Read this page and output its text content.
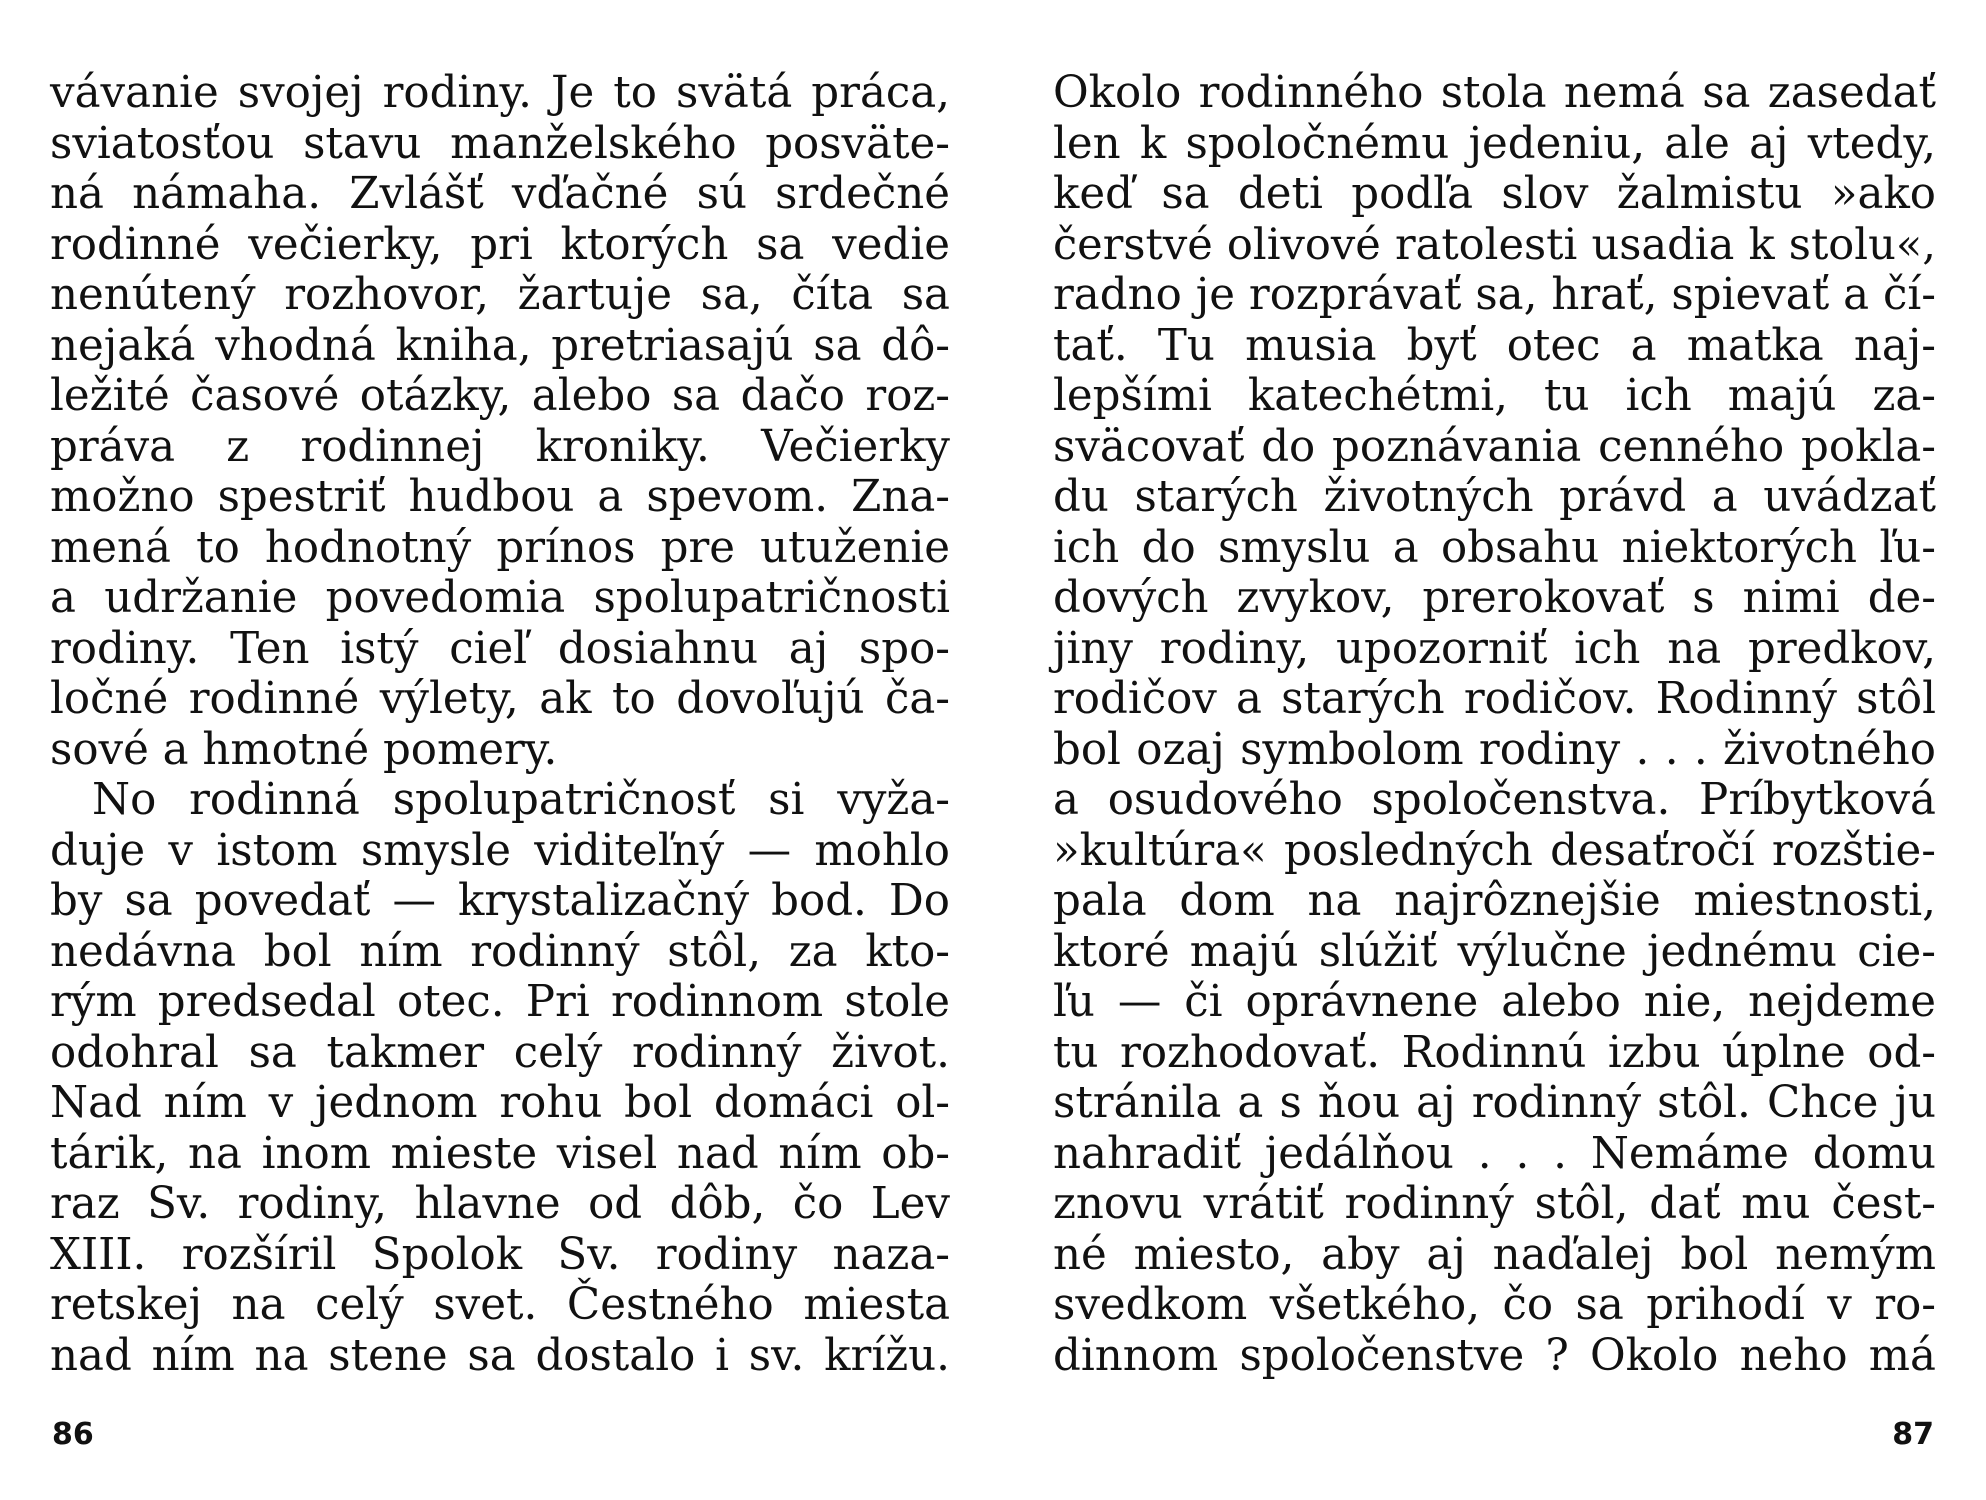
vávanie svojej rodiny. Je to svätá práca,
sviatosťou stavu manželského posväte-
ná námaha. Zvlášť vďačné sú srdečné
rodinné večierky, pri ktorých sa vedie
nenútený rozhovor, žartuje sa, číta sa
nejaká vhodná kniha, pretriasajú sa dô-
ležité časové otázky, alebo sa dačo roz-
práva z rodinnej kroniky. Večierky
možno spestriť hudbou a spevom. Zna-
mená to hodnotný prínos pre utuženie
a udržanie povedomia spolupatričnosti
rodiny. Ten istý cieľ dosiahnu aj spo-
ločné rodinné výlety, ak to dovoľujú ča-
sové a hmotné pomery.
No rodinná spolupatričnosť si vyža-
duje v istom smysle viditeľný — mohlo
by sa povedať — krystalizačný bod. Do
nedávna bol ním rodinný stôl, za kto-
rým predsedal otec. Pri rodinnom stole
odohral sa takmer celý rodinný život.
Nad ním v jednom rohu bol domáci ol-
tárik, na inom mieste visel nad ním ob-
raz Sv. rodiny, hlavne od dôb, čo Lev
XIII. rozšíril Spolok Sv. rodiny naza-
retskej na celý svet. Čestného miesta
nad ním na stene sa dostalo i sv. krížu.
86
Okolo rodinného stola nemá sa zasedať
len k spoločnému jedeniu, ale aj vtedy,
keď sa deti podľa slov žalmistu »ako
čerstvé olivové ratolesti usadia k stolu«,
radno je rozprávať sa, hrať, spievať a čí-
tať. Tu musia byť otec a matka naj-
lepšími katechétmi, tu ich majú za-
sväcovať do poznávania cenného pokla-
du starých životných právd a uvádzať
ich do smyslu a obsahu niektorých ľu-
dových zvykov, prerokovať s nimi de-
jiny rodiny, upozorniť ich na predkov,
rodičov a starých rodičov. Rodinný stôl
bol ozaj symbolom rodiny . . . životného
a osudového spoločenstva. Príbytková
»kultúra« posledných desaťročí rozštie-
pala dom na najrôznejšie miestnosti,
ktoré majú slúžiť výlučne jednému cie-
ľu — či oprávnene alebo nie, nejdeme
tu rozhodovať. Rodinnú izbu úplne od-
stránila a s ňou aj rodinný stôl. Chce ju
nahradiť jedálňou . . . Nemáme domu
znovu vrátiť rodinný stôl, dať mu čest-
né miesto, aby aj naďalej bol nemým
svedkom všetkého, čo sa prihodí v ro-
dinnom spoločenstve ? Okolo neho má
87
